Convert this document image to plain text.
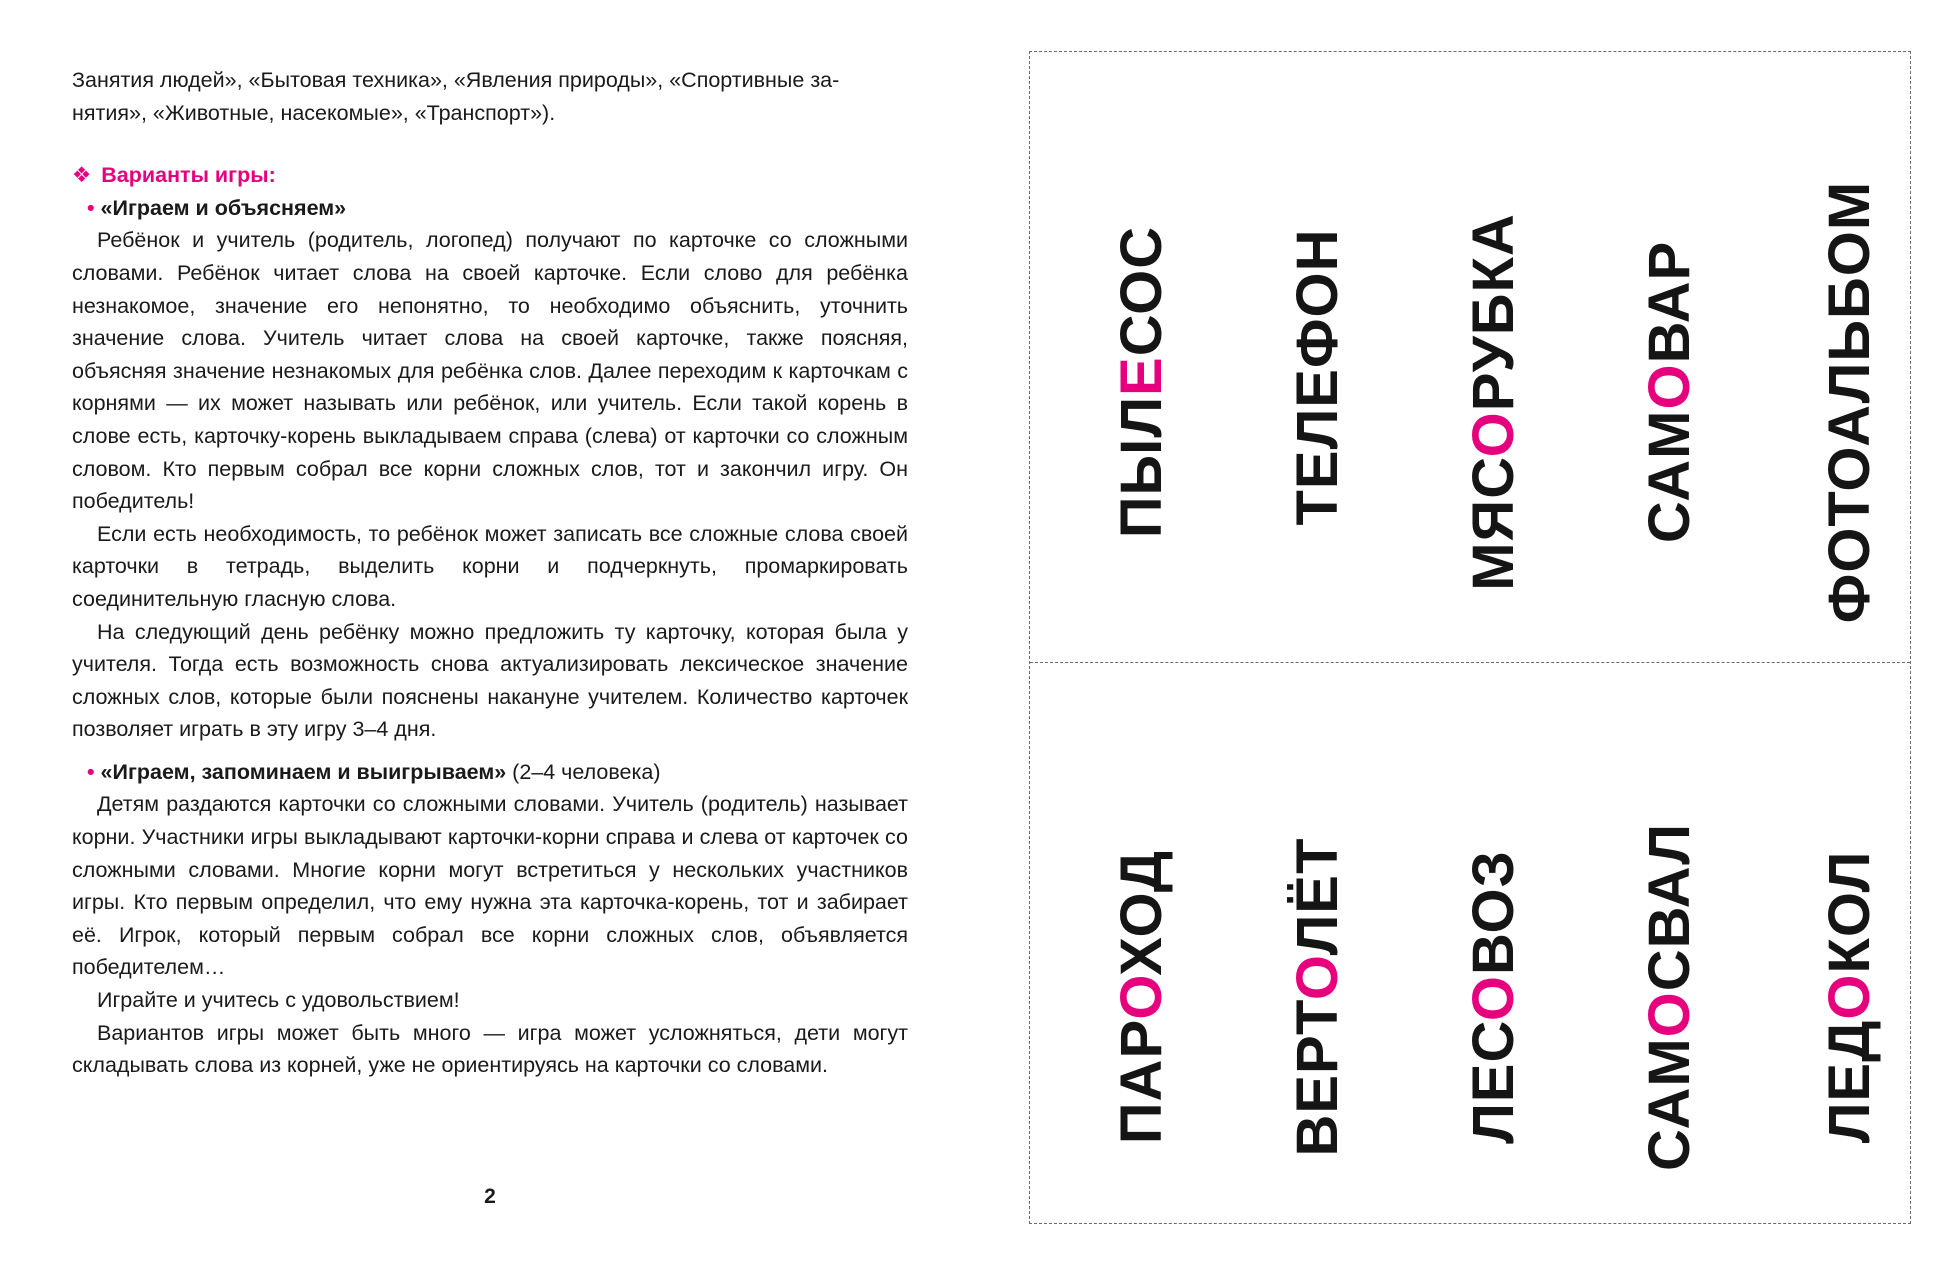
Занятия людей», «Бытовая техника», «Явления природы», «Спортивные за-
нятия», «Животные, насекомые», «Транспорт»).

❖ Варианты игры:

• «Играем и объясняем»

Ребёнок и учитель (родитель, логопед) получают по карточке со сложными словами. Ребёнок читает слова на своей карточке. Если слово для ребёнка незнакомое, значение его непонятно, то необходимо объяснить, уточнить значение слова. Учитель читает слова на своей карточке, также поясняя, объясняя значение незнакомых для ребёнка слов. Далее переходим к карточкам с корнями — их может называть или ребёнок, или учитель. Если такой корень в слове есть, карточку-корень выкладываем справа (слева) от карточки со сложным словом. Кто первым собрал все корни сложных слов, тот и закончил игру. Он победитель!

Если есть необходимость, то ребёнок может записать все сложные слова своей карточки в тетрадь, выделить корни и подчеркнуть, промаркировать соединительную гласную слова.

На следующий день ребёнку можно предложить ту карточку, которая была у учителя. Тогда есть возможность снова актуализировать лексическое значение сложных слов, которые были пояснены накануне учителем. Количество карточек позволяет играть в эту игру 3–4 дня.

• «Играем, запоминаем и выигрываем» (2–4 человека)

Детям раздаются карточки со сложными словами. Учитель (родитель) называет корни. Участники игры выкладывают карточки-корни справа и слева от карточек со сложными словами. Многие корни могут встретиться у нескольких участников игры. Кто первым определил, что ему нужна эта карточка-корень, тот и забирает её. Игрок, который первым собрал все корни сложных слов, объявляется победителем…

Играйте и учитесь с удовольствием!

Вариантов игры может быть много — игра может усложняться, дети могут складывать слова из корней, уже не ориентируясь на карточки со словами.

2
ПЫЛЕСОС ТЕЛЕФОН МЯСОРУБКА
САМОВАР ФОТОАЛЬБОМ
ПАРОХОД
ВЕРТОЛЁТ
ЛЕСОВОЗ
САМОСВАЛ
ЛЕДОКОЛ
